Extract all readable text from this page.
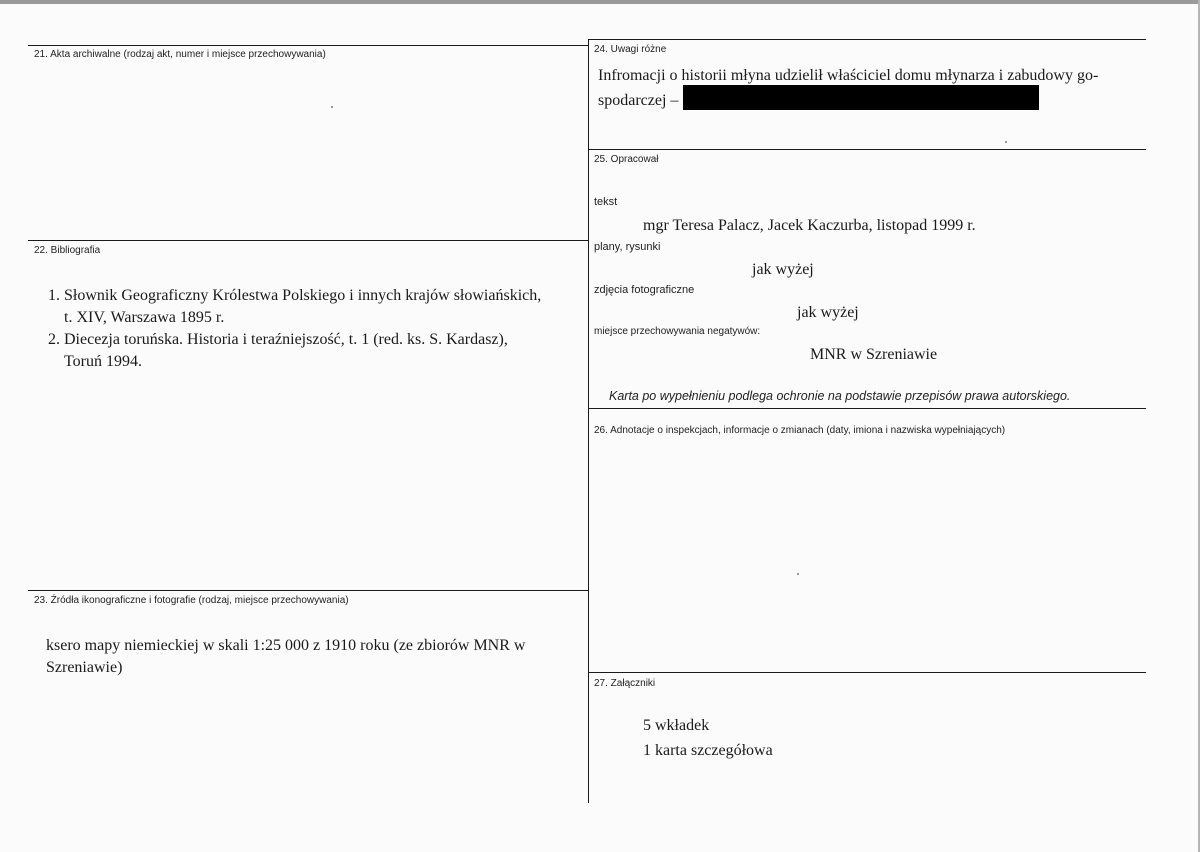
21. Akta archiwalne (rodzaj akt, numer i miejsce przechowywania)
22. Bibliografia
1. Słownik Geograficzny Królestwa Polskiego i innych krajów słowiańskich,
t. XIV, Warszawa 1895 r.
2. Diecezja toruńska. Historia i teraźniejszość, t. 1 (red. ks. S. Kardasz),
Toruń 1994.
23. Źródła ikonograficzne i fotografie (rodzaj, miejsce przechowywania)
ksero mapy niemieckiej w skali 1:25 000 z 1910 roku (ze zbiorów MNR w
Szreniawie)
24. Uwagi różne
Infromacji o historii młyna udzielił właściciel domu młynarza i zabudowy go-
spodarczej –
25. Opracował
tekst
mgr Teresa Palacz, Jacek Kaczurba, listopad 1999 r.
plany, rysunki
jak wyżej
zdjęcia fotograficzne
jak wyżej
miejsce przechowywania negatywów:
MNR w Szreniawie
Karta po wypełnieniu podlega ochronie na podstawie przepisów prawa autorskiego.
26. Adnotacje o inspekcjach, informacje o zmianach (daty, imiona i nazwiska wypełniających)
27. Załączniki
5 wkładek
1 karta szczegółowa
